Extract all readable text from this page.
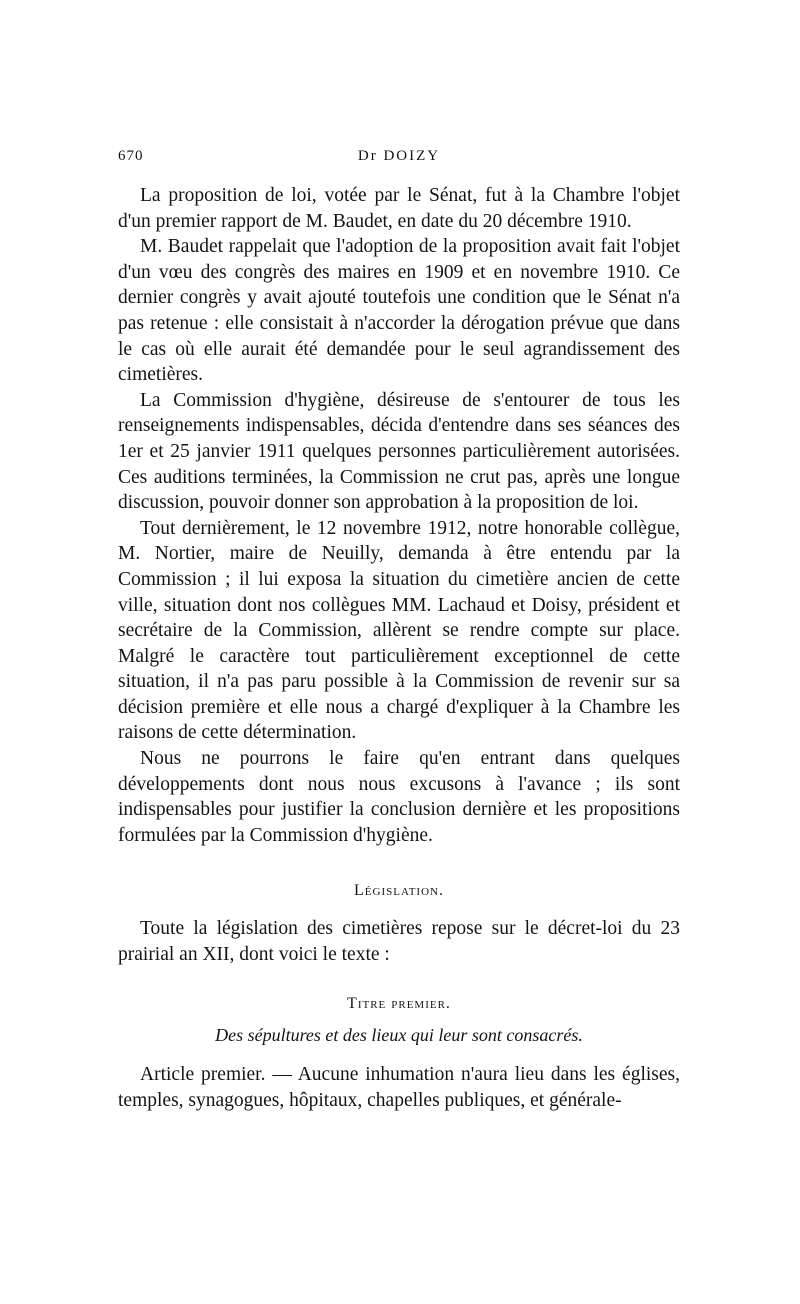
670	Dr DOIZY

La proposition de loi, votée par le Sénat, fut à la Chambre l'objet d'un premier rapport de M. Baudet, en date du 20 décembre 1910.

M. Baudet rappelait que l'adoption de la proposition avait fait l'objet d'un vœu des congrès des maires en 1909 et en novembre 1910. Ce dernier congrès y avait ajouté toutefois une condition que le Sénat n'a pas retenue : elle consistait à n'accorder la dérogation prévue que dans le cas où elle aurait été demandée pour le seul agrandissement des cimetières.

La Commission d'hygiène, désireuse de s'entourer de tous les renseignements indispensables, décida d'entendre dans ses séances des 1er et 25 janvier 1911 quelques personnes particulièrement autorisées. Ces auditions terminées, la Commission ne crut pas, après une longue discussion, pouvoir donner son approbation à la proposition de loi.

Tout dernièrement, le 12 novembre 1912, notre honorable collègue, M. Nortier, maire de Neuilly, demanda à être entendu par la Commission ; il lui exposa la situation du cimetière ancien de cette ville, situation dont nos collègues MM. Lachaud et Doisy, président et secrétaire de la Commission, allèrent se rendre compte sur place. Malgré le caractère tout particulièrement exceptionnel de cette situation, il n'a pas paru possible à la Commission de revenir sur sa décision première et elle nous a chargé d'expliquer à la Chambre les raisons de cette détermination.

Nous ne pourrons le faire qu'en entrant dans quelques développements dont nous nous excusons à l'avance ; ils sont indispensables pour justifier la conclusion dernière et les propositions formulées par la Commission d'hygiène.

Législation.

Toute la législation des cimetières repose sur le décret-loi du 23 prairial an XII, dont voici le texte :

Titre premier.

Des sépultures et des lieux qui leur sont consacrés.

Article premier. — Aucune inhumation n'aura lieu dans les églises, temples, synagogues, hôpitaux, chapelles publiques, et générale-
